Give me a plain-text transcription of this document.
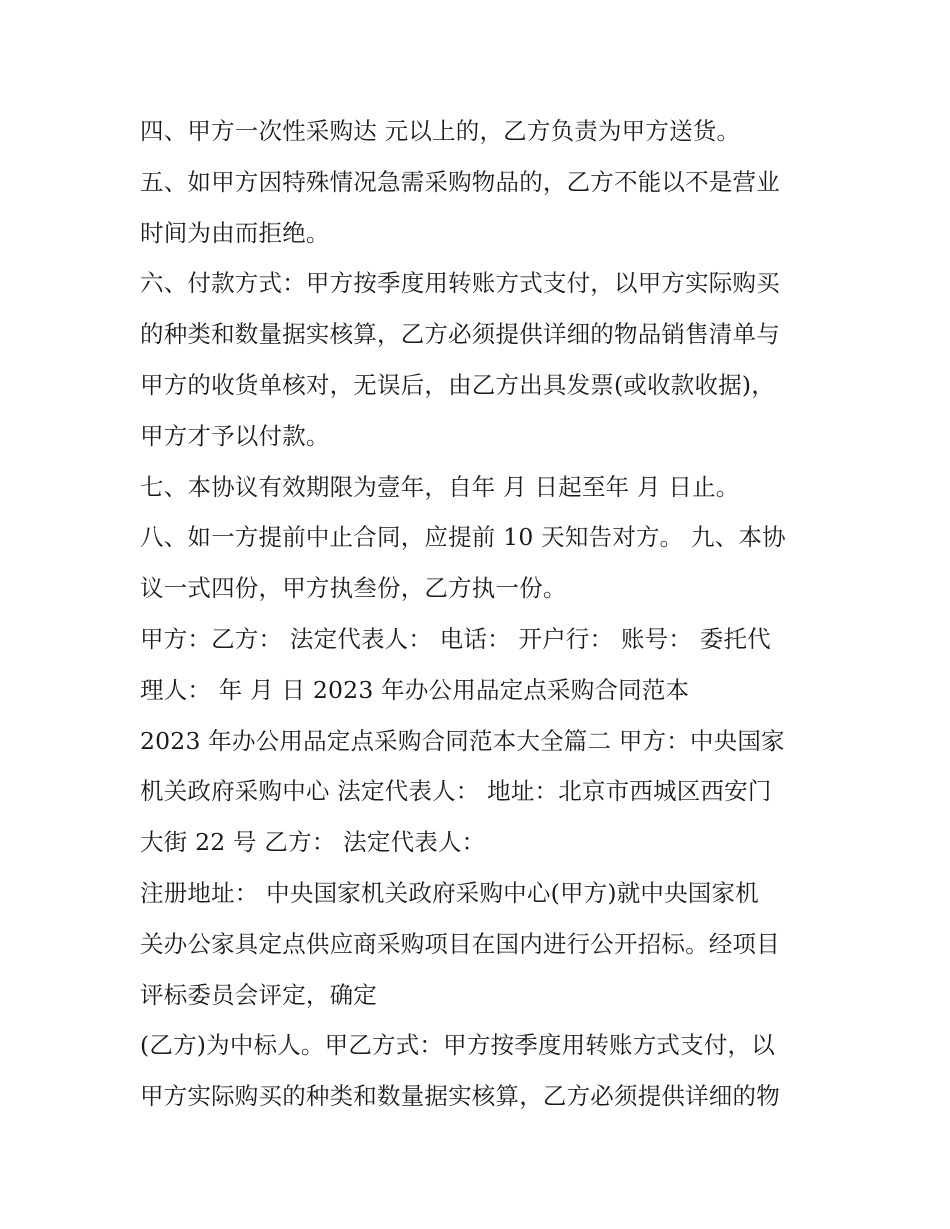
四、甲方一次性采购达 元以上的，乙方负责为甲方送货。
五、如甲方因特殊情况急需采购物品的，乙方不能以不是营业
时间为由而拒绝。
六、付款方式：甲方按季度用转账方式支付，以甲方实际购买
的种类和数量据实核算，乙方必须提供详细的物品销售清单与
甲方的收货单核对，无误后，由乙方出具发票(或收款收据)，
甲方才予以付款。
七、本协议有效期限为壹年，自年 月 日起至年 月 日止。
八、如一方提前中止合同，应提前 10 天知告对方。 九、本协
议一式四份，甲方执叁份，乙方执一份。
甲方：乙方： 法定代表人： 电话： 开户行： 账号： 委托代
理人： 年 月 日 2023 年办公用品定点采购合同范本
2023 年办公用品定点采购合同范本大全篇二 甲方：中央国家
机关政府采购中心 法定代表人： 地址：北京市西城区西安门
大街 22 号 乙方： 法定代表人：
注册地址： 中央国家机关政府采购中心(甲方)就中央国家机
关办公家具定点供应商采购项目在国内进行公开招标。经项目
评标委员会评定，确定
(乙方)为中标人。甲乙方式：甲方按季度用转账方式支付，以
甲方实际购买的种类和数量据实核算，乙方必须提供详细的物
